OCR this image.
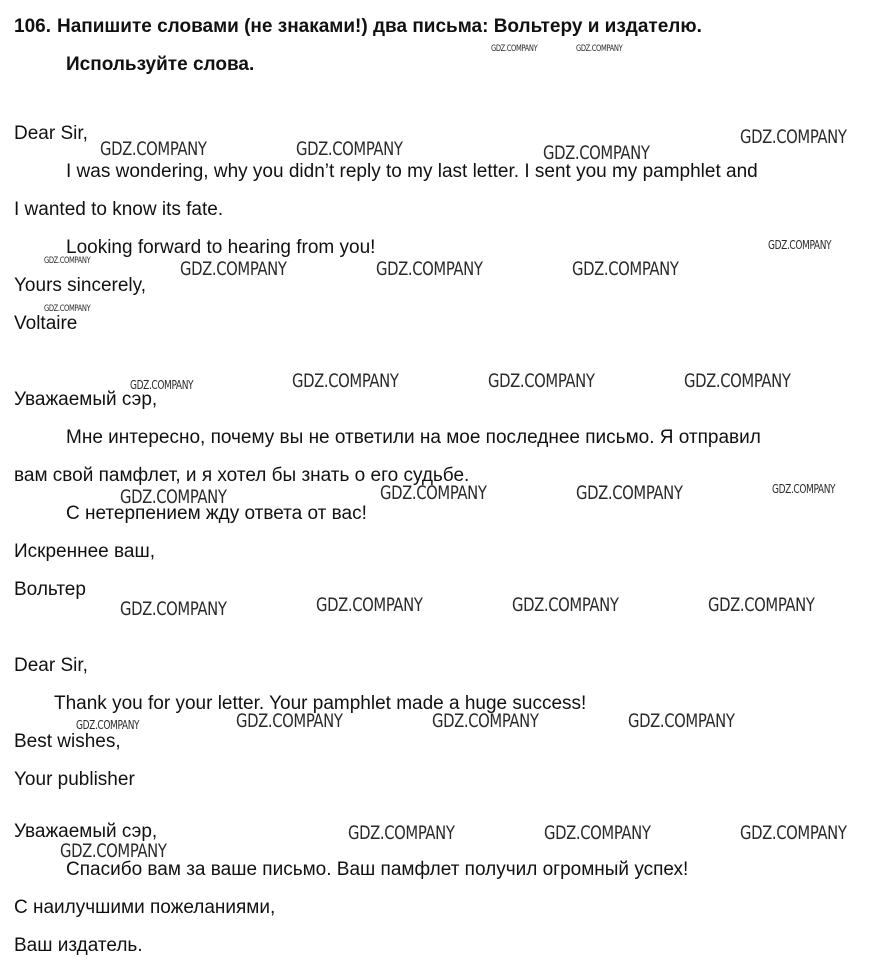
106. Напишите словами (не знаками!) два письма: Вольтеру и издателю.
Используйте слова.
Dear Sir,
I was wondering, why you didn’t reply to my last letter. I sent you my pamphlet and
I wanted to know its fate.
Looking forward to hearing from you!
Yours sincerely,
Voltaire
Уважаемый сэр,
Мне интересно, почему вы не ответили на мое последнее письмо. Я отправил
вам свой памфлет, и я хотел бы знать о его судьбе.
С нетерпением жду ответа от вас!
Искреннее ваш,
Вольтер
Dear Sir,
Thank you for your letter. Your pamphlet made a huge success!
Best wishes,
Your publisher
Уважаемый сэр,
Спасибо вам за ваше письмо. Ваш памфлет получил огромный успех!
С наилучшими пожеланиями,
Ваш издатель.
GDZ.COMPANY	GDZ.COMPANY
GDZ.COMPANY	GDZ.COMPANY	GDZ.COMPANY
GDZ.COMPANY
GDZ.COMPANY
GDZ.COMPANY
GDZ.COMPANY	GDZ.COMPANY	GDZ.COMPANY
GDZ.COMPANY
GDZ.COMPANY	GDZ.COMPANY	GDZ.COMPANY	GDZ.COMPANY
GDZ.COMPANY	GDZ.COMPANY	GDZ.COMPANY	GDZ.COMPANY
GDZ.COMPANY	GDZ.COMPANY	GDZ.COMPANY	GDZ.COMPANY
GDZ.COMPANY	GDZ.COMPANY	GDZ.COMPANY	GDZ.COMPANY
GDZ.COMPANY	GDZ.COMPANY	GDZ.COMPANY
GDZ.COMPANY
